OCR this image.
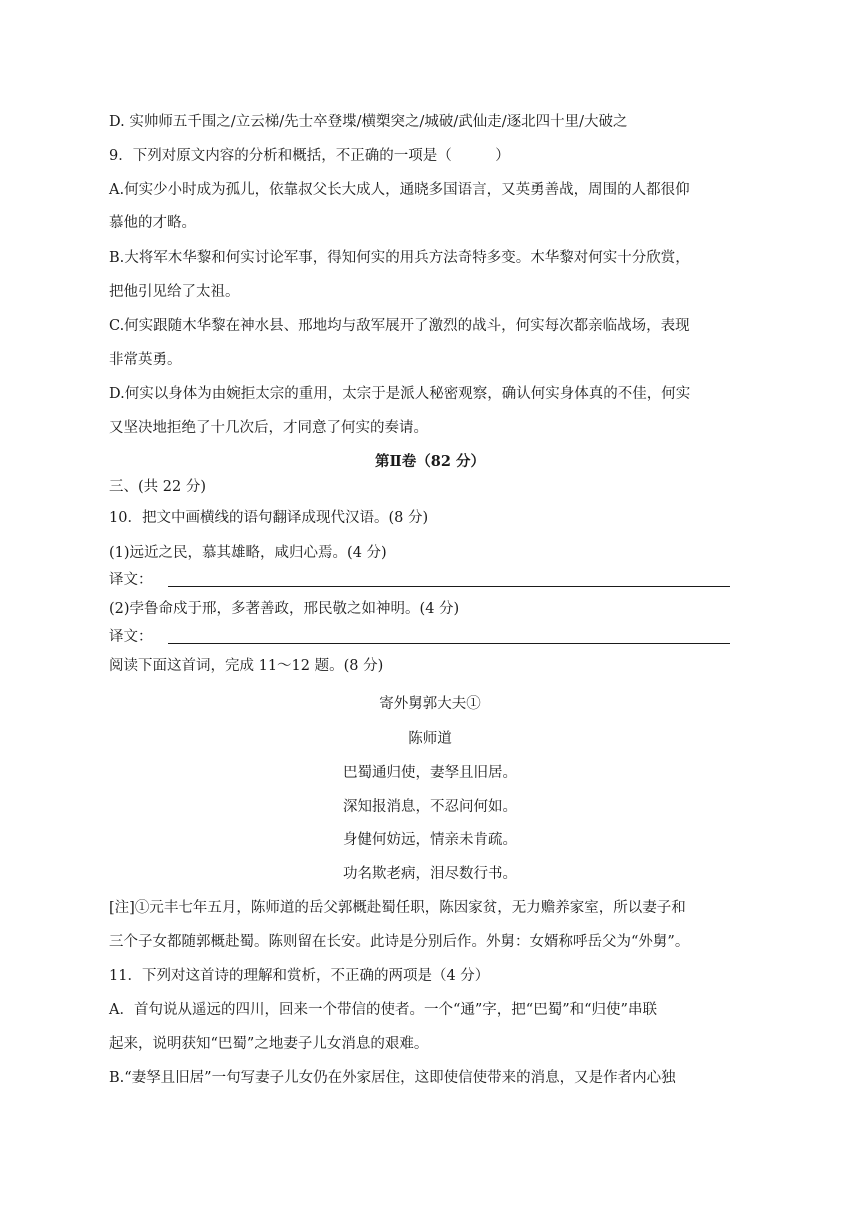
D. 实帅师五千围之/立云梯/先士卒登堞/横槊突之/城破/武仙走/逐北四十里/大破之
9．下列对原文内容的分析和概括，不正确的一项是（　　　）
A.何实少小时成为孤儿，依靠叔父长大成人，通晓多国语言，又英勇善战，周围的人都很仰
慕他的才略。
B.大将军木华黎和何实讨论军事，得知何实的用兵方法奇特多变。木华黎对何实十分欣赏，
把他引见给了太祖。
C.何实跟随木华黎在神水县、邢地均与敌军展开了激烈的战斗，何实每次都亲临战场，表现
非常英勇。
D.何实以身体为由婉拒太宗的重用，太宗于是派人秘密观察，确认何实身体真的不佳，何实
又坚决地拒绝了十几次后，才同意了何实的奏请。
第Ⅱ卷（82 分）
三、(共 22 分)
10．把文中画横线的语句翻译成现代汉语。(8 分)
(1)远近之民，慕其雄略，咸归心焉。(4 分)
译文：
(2)孛鲁命戍于邢，多著善政，邢民敬之如神明。(4 分)
译文：
阅读下面这首词，完成 11～12 题。(8 分)
寄外舅郭大夫①
陈师道
巴蜀通归使，妻孥且旧居。
深知报消息，不忍问何如。
身健何妨远，情亲未肯疏。
功名欺老病，泪尽数行书。
[注]①元丰七年五月，陈师道的岳父郭概赴蜀任职，陈因家贫，无力赡养家室，所以妻子和
三个子女都随郭概赴蜀。陈则留在长安。此诗是分别后作。外舅：女婿称呼岳父为“外舅”。
11．下列对这首诗的理解和赏析，不正确的两项是（4 分）
A．首句说从遥远的四川，回来一个带信的使者。一个“通”字，把“巴蜀”和“归使”串联
起来，说明获知“巴蜀”之地妻子儿女消息的艰难。
B.“妻孥且旧居”一句写妻子儿女仍在外家居住，这即使信使带来的消息，又是作者内心独
